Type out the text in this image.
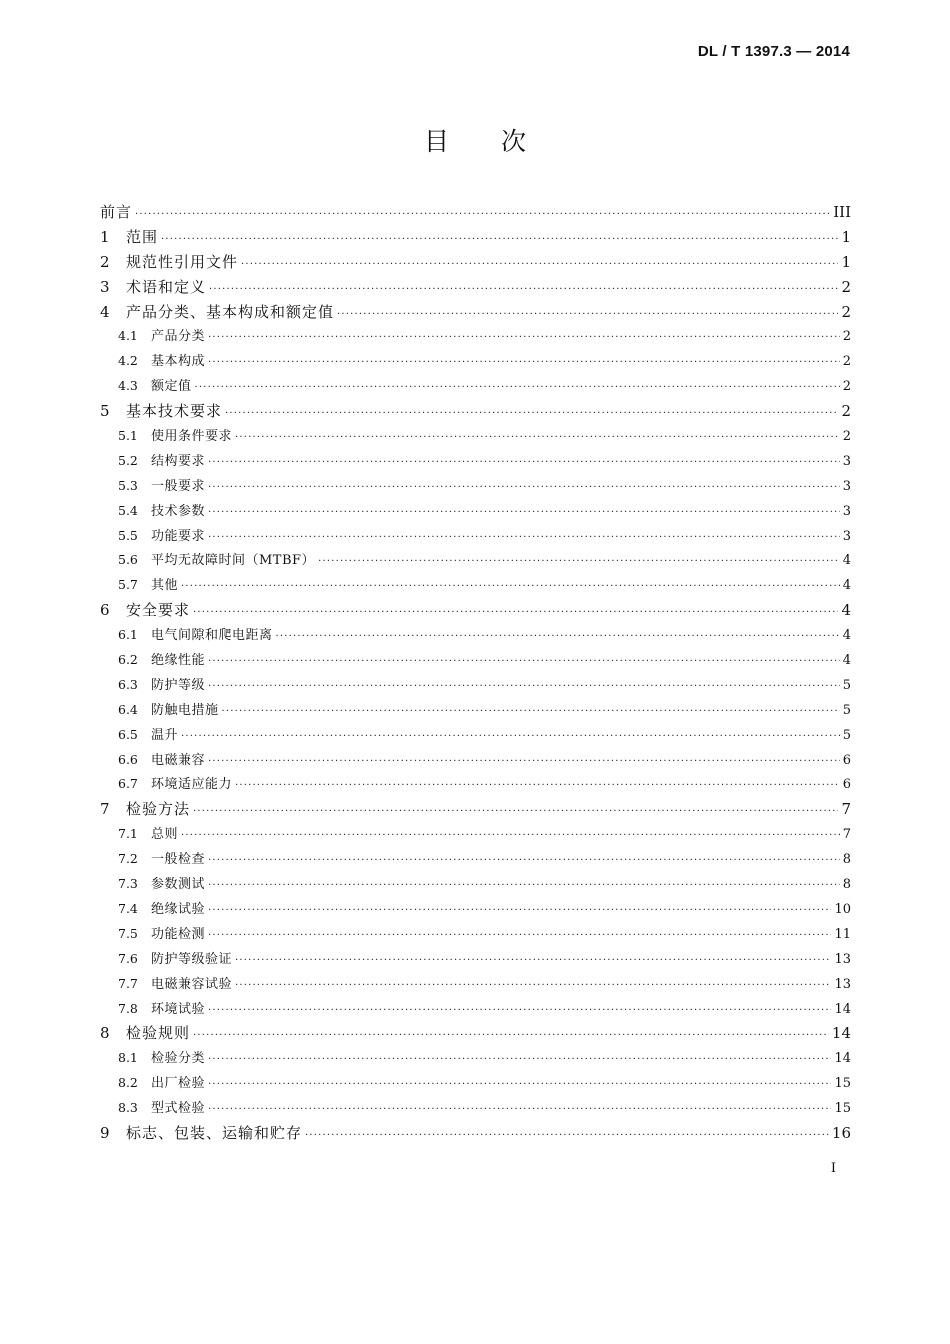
DL / T 1397.3 — 2014
目次
前言 ·····	III
1	范围 ·····	1
2	规范性引用文件 ·····	1
3	术语和定义 ·····	2
4	产品分类、基本构成和额定值 ·····	2
4.1	产品分类 ·····	2
4.2	基本构成 ·····	2
4.3	额定值 ·····	2
5	基本技术要求 ·····	2
5.1	使用条件要求 ·····	2
5.2	结构要求 ·····	3
5.3	一般要求 ·····	3
5.4	技术参数 ·····	3
5.5	功能要求 ·····	3
5.6	平均无故障时间（MTBF） ·····	4
5.7	其他 ·····	4
6	安全要求 ·····	4
6.1	电气间隙和爬电距离 ·····	4
6.2	绝缘性能 ·····	4
6.3	防护等级 ·····	5
6.4	防触电措施 ·····	5
6.5	温升 ·····	5
6.6	电磁兼容 ·····	6
6.7	环境适应能力 ·····	6
7	检验方法 ·····	7
7.1	总则 ·····	7
7.2	一般检查 ·····	8
7.3	参数测试 ·····	8
7.4	绝缘试验 ·····	10
7.5	功能检测 ·····	11
7.6	防护等级验证 ·····	13
7.7	电磁兼容试验 ·····	13
7.8	环境试验 ·····	14
8	检验规则 ·····	14
8.1	检验分类 ·····	14
8.2	出厂检验 ·····	15
8.3	型式检验 ·····	15
9	标志、包装、运输和贮存 ·····	16
I
